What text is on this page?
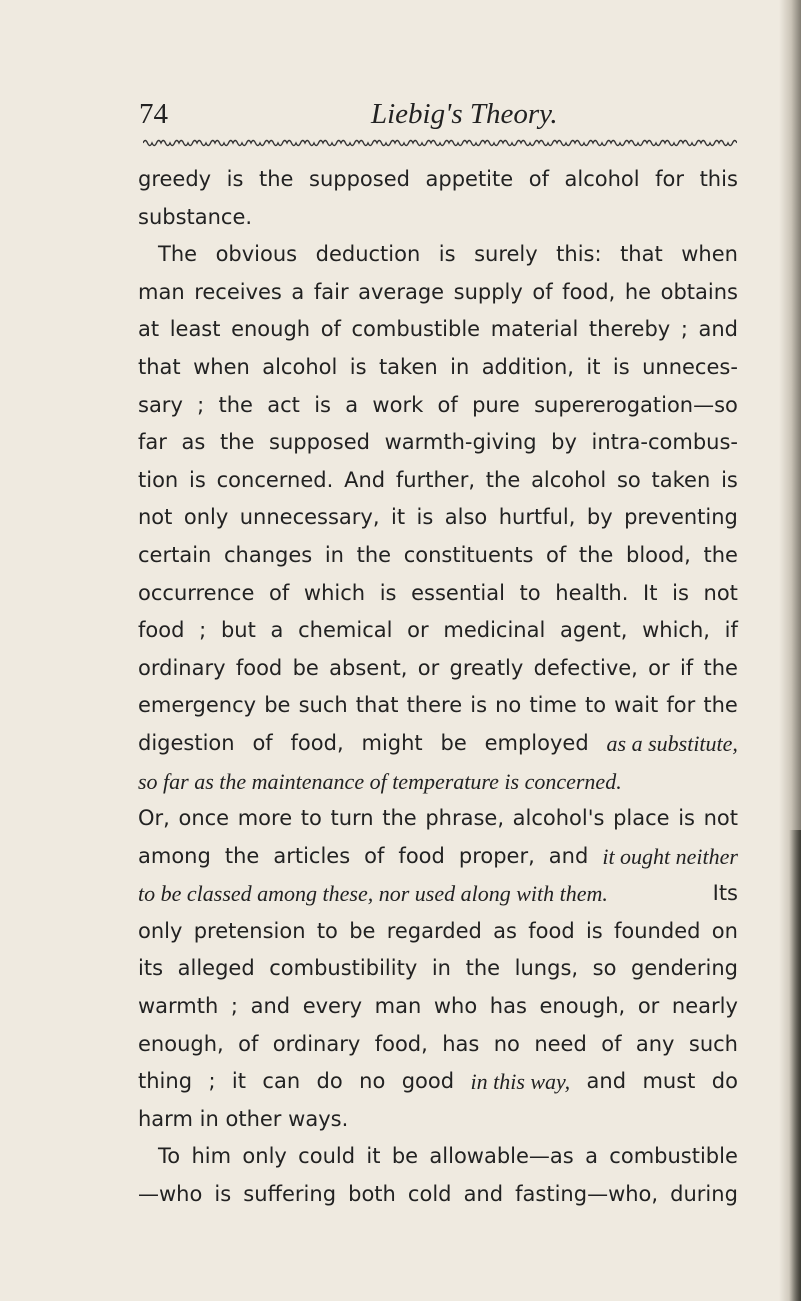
74	Liebig's Theory.
greedy is the supposed appetite of alcohol for this
substance.
The obvious deduction is surely this: that when
man receives a fair average supply of food, he obtains
at least enough of combustible material thereby ; and
that when alcohol is taken in addition, it is unneces-
sary ; the act is a work of pure supererogation—so
far as the supposed warmth-giving by intra-combus-
tion is concerned. And further, the alcohol so taken is
not only unnecessary, it is also hurtful, by preventing
certain changes in the constituents of the blood, the
occurrence of which is essential to health. It is not
food ; but a chemical or medicinal agent, which, if
ordinary food be absent, or greatly defective, or if the
emergency be such that there is no time to wait for the
digestion of food, might be employed as a substitute,
so far as the maintenance of temperature is concerned.
Or, once more to turn the phrase, alcohol's place is not
among the articles of food proper, and it ought neither
to be classed among these, nor used along with them.	Its
only pretension to be regarded as food is founded on
its alleged combustibility in the lungs, so gendering
warmth ; and every man who has enough, or nearly
enough, of ordinary food, has no need of any such
thing ; it can do no good in this way, and must do
harm in other ways.
To him only could it be allowable—as a combustible
—who is suffering both cold and fasting—who, during
